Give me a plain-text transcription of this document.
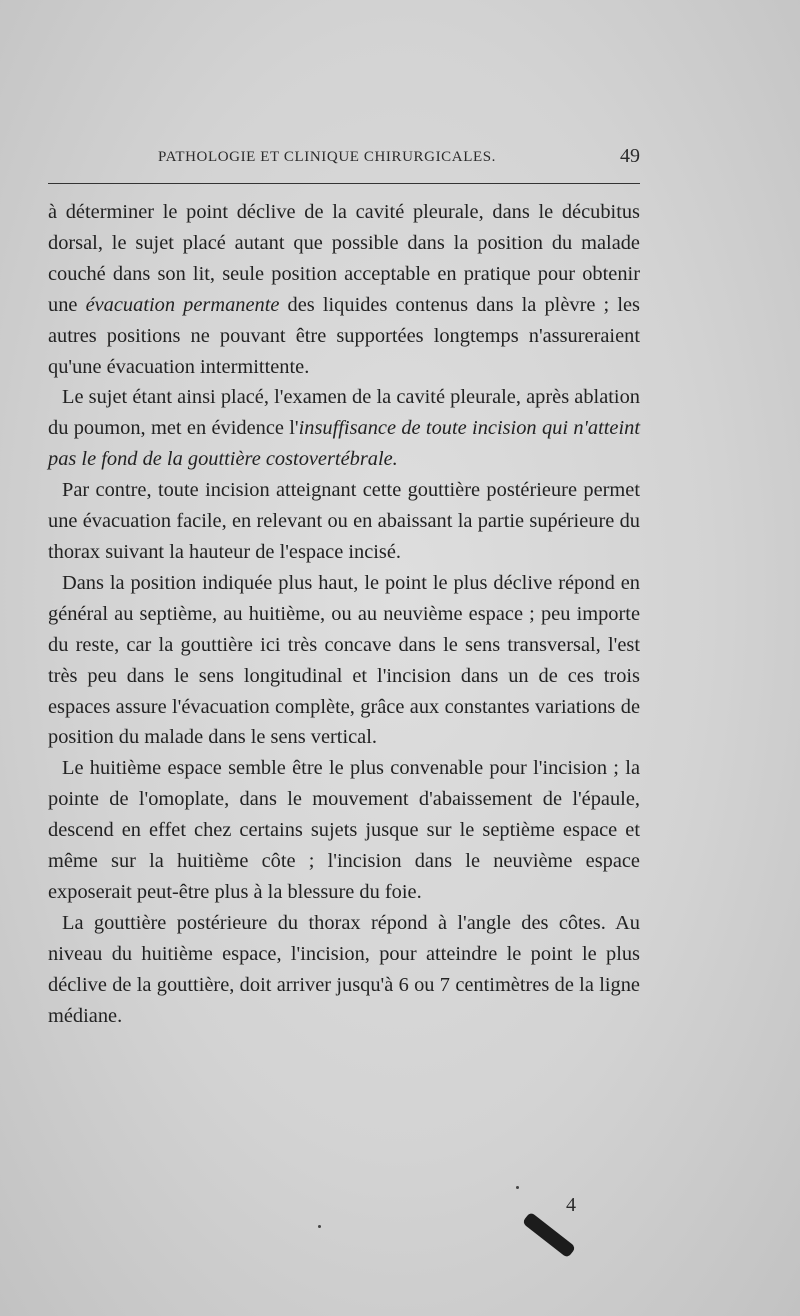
PATHOLOGIE ET CLINIQUE CHIRURGICALES.	49

à déterminer le point déclive de la cavité pleurale, dans le décubitus dorsal, le sujet placé autant que possible dans la position du malade couché dans son lit, seule position acceptable en pratique pour obtenir une évacuation permanente des liquides contenus dans la plèvre ; les autres positions ne pouvant être supportées longtemps n'assureraient qu'une évacuation intermittente.

Le sujet étant ainsi placé, l'examen de la cavité pleurale, après ablation du poumon, met en évidence l'insuffisance de toute incision qui n'atteint pas le fond de la gouttière costovertébrale.

Par contre, toute incision atteignant cette gouttière postérieure permet une évacuation facile, en relevant ou en abaissant la partie supérieure du thorax suivant la hauteur de l'espace incisé.

Dans la position indiquée plus haut, le point le plus déclive répond en général au septième, au huitième, ou au neuvième espace ; peu importe du reste, car la gouttière ici très concave dans le sens transversal, l'est très peu dans le sens longitudinal et l'incision dans un de ces trois espaces assure l'évacuation complète, grâce aux constantes variations de position du malade dans le sens vertical.

Le huitième espace semble être le plus convenable pour l'incision ; la pointe de l'omoplate, dans le mouvement d'abaissement de l'épaule, descend en effet chez certains sujets jusque sur le septième espace et même sur la huitième côte ; l'incision dans le neuvième espace exposerait peut-être plus à la blessure du foie.

La gouttière postérieure du thorax répond à l'angle des côtes. Au niveau du huitième espace, l'incision, pour atteindre le point le plus déclive de la gouttière, doit arriver jusqu'à 6 ou 7 centimètres de la ligne médiane.

4
